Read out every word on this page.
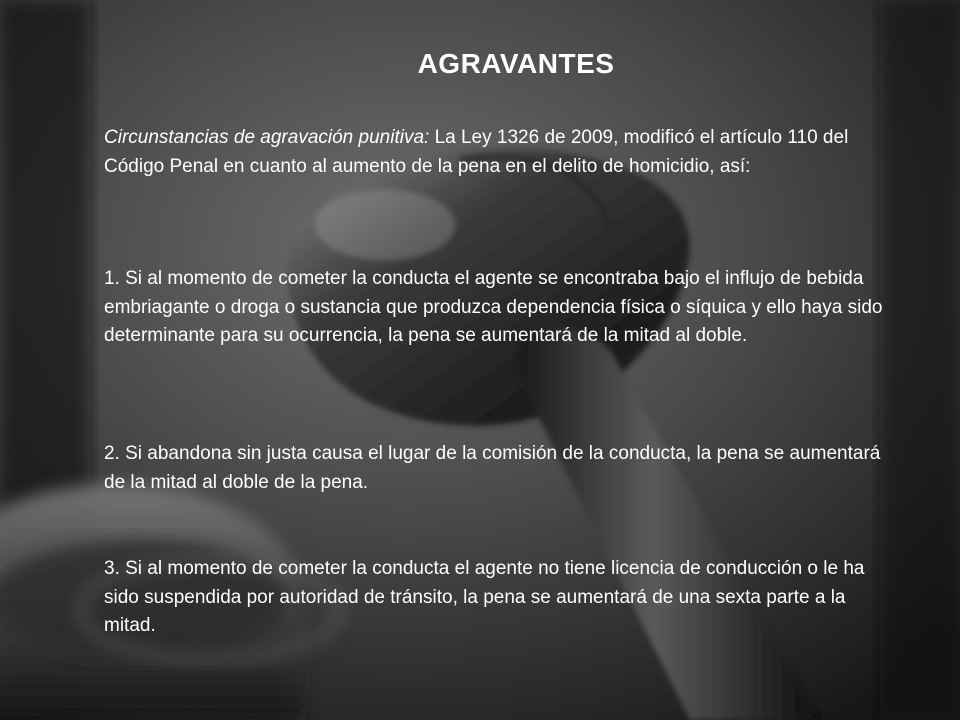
AGRAVANTES

Circunstancias de agravación punitiva: La Ley 1326 de 2009, modificó el artículo 110 del Código Penal en cuanto al aumento de la pena en el delito de homicidio, así:

1. Si al momento de cometer la conducta el agente se encontraba bajo el influjo de bebida embriagante o droga o sustancia que produzca dependencia física o síquica y ello haya sido determinante para su ocurrencia, la pena se aumentará de la mitad al doble.

2. Si abandona sin justa causa el lugar de la comisión de la conducta, la pena se aumentará de la mitad al doble de la pena.

3. Si al momento de cometer la conducta el agente no tiene licencia de conducción o le ha sido suspendida por autoridad de tránsito, la pena se aumentará de una sexta parte a la mitad.
